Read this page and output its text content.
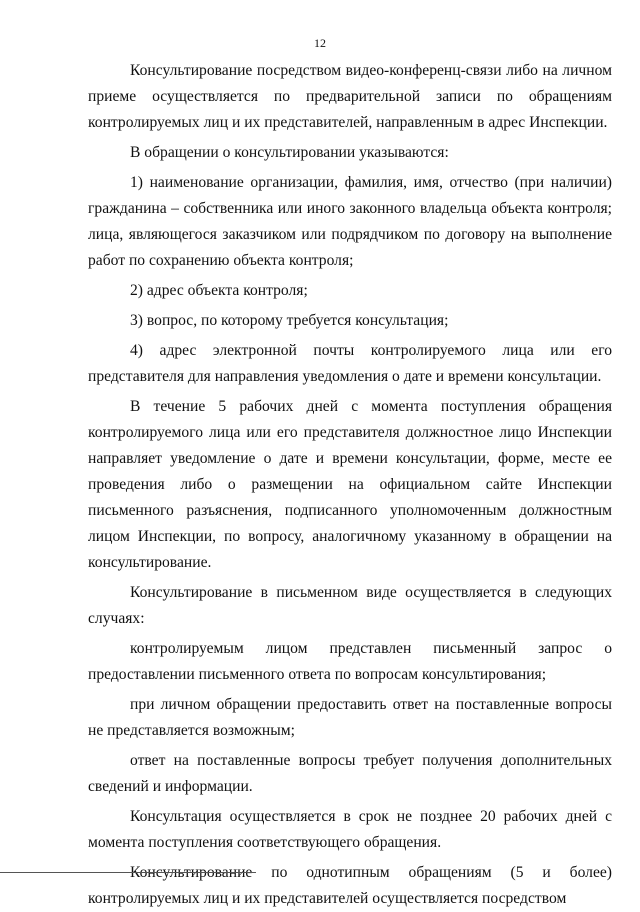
12

Консультирование посредством видео-конференц-связи либо на личном приеме осуществляется по предварительной записи по обращениям контролируемых лиц и их представителей, направленным в адрес Инспекции.

В обращении о консультировании указываются:

1) наименование организации, фамилия, имя, отчество (при наличии) гражданина – собственника или иного законного владельца объекта контроля; лица, являющегося заказчиком или подрядчиком по договору на выполнение работ по сохранению объекта контроля;

2) адрес объекта контроля;

3) вопрос, по которому требуется консультация;

4) адрес электронной почты контролируемого лица или его представителя для направления уведомления о дате и времени консультации.

В течение 5 рабочих дней с момента поступления обращения контролируемого лица или его представителя должностное лицо Инспекции направляет уведомление о дате и времени консультации, форме, месте ее проведения либо о размещении на официальном сайте Инспекции письменного разъяснения, подписанного уполномоченным должностным лицом Инспекции, по вопросу, аналогичному указанному в обращении на консультирование.

Консультирование в письменном виде осуществляется в следующих случаях:

контролируемым лицом представлен письменный запрос о предоставлении письменного ответа по вопросам консультирования;

при личном обращении предоставить ответ на поставленные вопросы не представляется возможным;

ответ на поставленные вопросы требует получения дополнительных сведений и информации.

Консультация осуществляется в срок не позднее 20 рабочих дней с момента поступления соответствующего обращения.

Консультирование по однотипным обращениям (5 и более) контролируемых лиц и их представителей осуществляется посредством
